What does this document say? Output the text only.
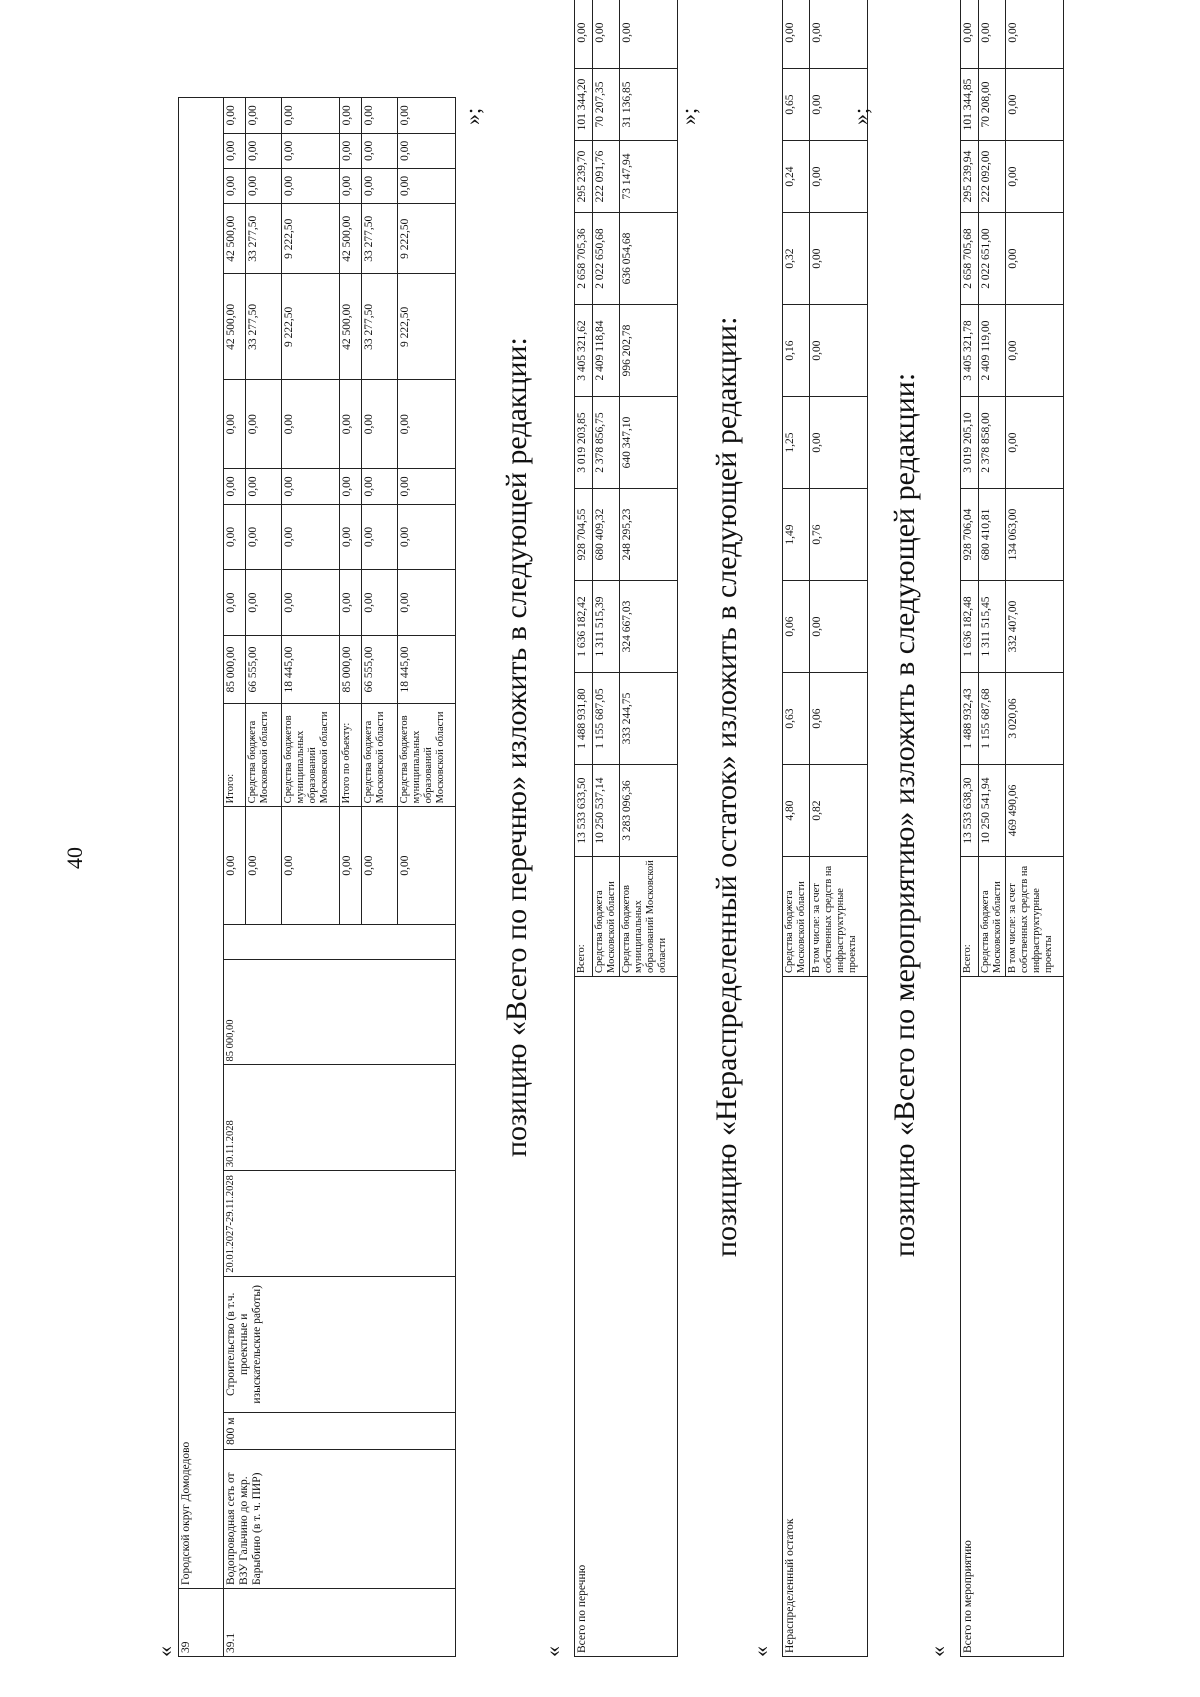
40
« 39	Городской округ Домодедово																		
39.1	Водопроводная сеть от ВЗУ Гальчино до мкр. Барыбино (в т. ч. ПИР)	800 м	Строительство (в т.ч. проектные и изыскательские работы)	20.01.2027-29.11.2028	30.11.2028	85 000,00		0,00	Итого:	85 000,00	0,00	0,00	0,00	0,00	42 500,00	42 500,00	0,00	0,00	0,00
								0,00	Средства бюджета Московской области	66 555,00	0,00	0,00	0,00	0,00	33 277,50	33 277,50	0,00	0,00	0,00
								0,00	Средства бюджетов муниципальных образований Московской области	18 445,00	0,00	0,00	0,00	0,00	9 222,50	9 222,50	0,00	0,00	0,00
								0,00	Итого по объекту:	85 000,00	0,00	0,00	0,00	0,00	42 500,00	42 500,00	0,00	0,00	0,00
								0,00	Средства бюджета Московской области	66 555,00	0,00	0,00	0,00	0,00	33 277,50	33 277,50	0,00	0,00	0,00
								0,00	Средства бюджетов муниципальных образований Московской области	18 445,00	0,00	0,00	0,00	0,00	9 222,50	9 222,50	0,00	0,00	0,00 »;
позицию «Всего по перечню» изложить в следующей редакции:
« Всего по перечню	Всего:	13 533 633,50	1 488 931,80	1 636 182,42	928 704,55	3 019 203,85	3 405 321,62	2 658 705,36	295 239,70	101 344,20	0,00
	Средства бюджета Московской области	10 250 537,14	1 155 687,05	1 311 515,39	680 409,32	2 378 856,75	2 409 118,84	2 022 650,68	222 091,76	70 207,35	0,00
	Средства бюджетов муниципальных образований Московской области	3 283 096,36	333 244,75	324 667,03	248 295,23	640 347,10	996 202,78	636 054,68	73 147,94	31 136,85	0,00
»;
позицию «Нераспределенный остаток» изложить в следующей редакции:
« Нераспределенный остаток	Средства бюджета Московской области	4,80	0,63	0,06	1,49	1,25	0,16	0,32	0,24	0,65	0,00
	В том числе: за счет собственных средств на инфраструктурные проекты	0,82	0,06	0,00	0,76	0,00	0,00	0,00	0,00	0,00	0,00
»;
позицию «Всего по мероприятию» изложить в следующей редакции:
« Всего по мероприятию	Всего:	13 533 638,30	1 488 932,43	1 636 182,48	928 706,04	3 019 205,10	3 405 321,78	2 658 705,68	295 239,94	101 344,85	0,00
	Средства бюджета Московской области	10 250 541,94	1 155 687,68	1 311 515,45	680 410,81	2 378 858,00	2 409 119,00	2 022 651,00	222 092,00	70 208,00	0,00
	В том числе: за счет собственных средств на инфраструктурные проекты	469 490,06	3 020,06	332 407,00	134 063,00	0,00	0,00	0,00	0,00	0,00	0,00
